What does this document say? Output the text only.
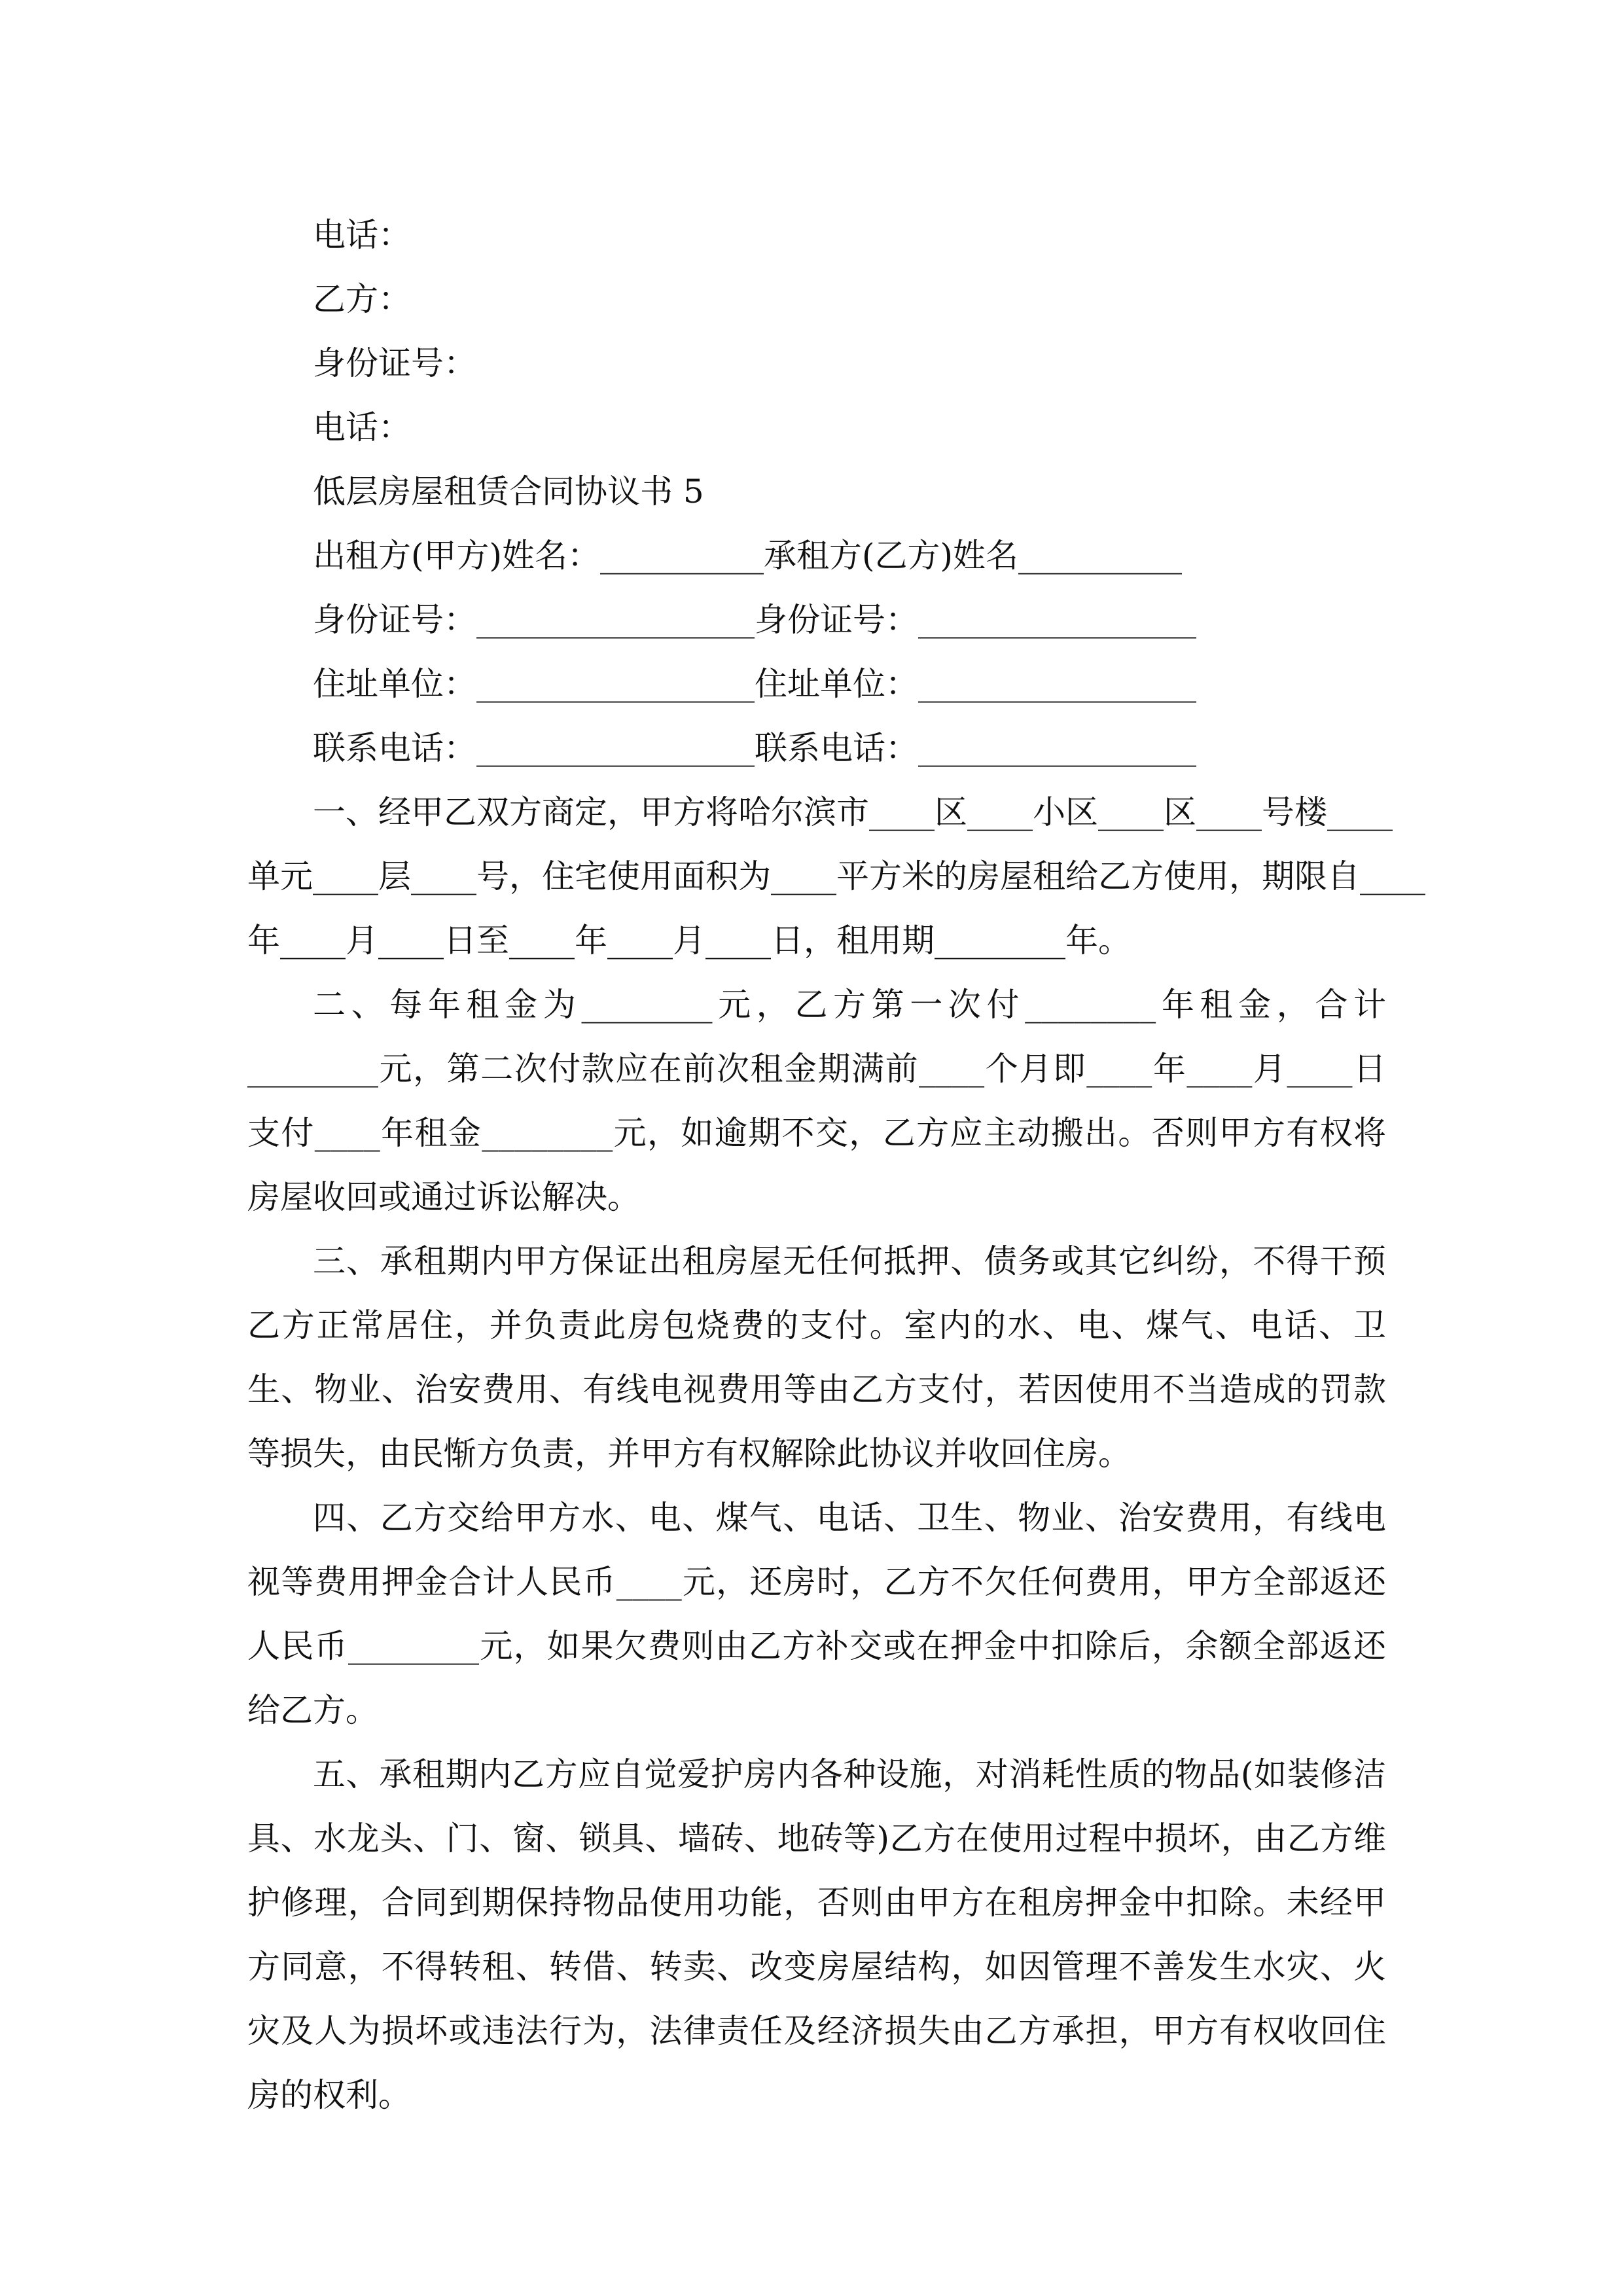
电话：
乙方：
身份证号：
电话：
低层房屋租赁合同协议书 5
出租方(甲方)姓名：__________承租方(乙方)姓名__________
身份证号：_________________身份证号：_________________
住址单位：_________________住址单位：_________________
联系电话：_________________联系电话：_________________
一、经甲乙双方商定，甲方将哈尔滨市____区____小区____区____号楼____
单元____层____号，住宅使用面积为____平方米的房屋租给乙方使用，期限自____
年____月____日至____年____月____日，租用期________年。

二、每年租金为________元，乙方第一次付________年租金，合计________元，第二次付款应在前次租金期满前____个月即____年____月____日支付____年租金________元，如逾期不交，乙方应主动搬出。否则甲方有权将房屋收回或通过诉讼解决。

三、承租期内甲方保证出租房屋无任何抵押、债务或其它纠纷，不得干预乙方正常居住，并负责此房包烧费的支付。室内的水、电、煤气、电话、卫生、物业、治安费用、有线电视费用等由乙方支付，若因使用不当造成的罚款等损失，由民惭方负责，并甲方有权解除此协议并收回住房。

四、乙方交给甲方水、电、煤气、电话、卫生、物业、治安费用，有线电视等费用押金合计人民币____元，还房时，乙方不欠任何费用，甲方全部返还人民币________元，如果欠费则由乙方补交或在押金中扣除后，余额全部返还给乙方。

五、承租期内乙方应自觉爱护房内各种设施，对消耗性质的物品(如装修洁具、水龙头、门、窗、锁具、墙砖、地砖等)乙方在使用过程中损坏，由乙方维护修理，合同到期保持物品使用功能，否则由甲方在租房押金中扣除。未经甲方同意，不得转租、转借、转卖、改变房屋结构，如因管理不善发生水灾、火灾及人为损坏或违法行为，法律责任及经济损失由乙方承担，甲方有权收回住房的权利。
